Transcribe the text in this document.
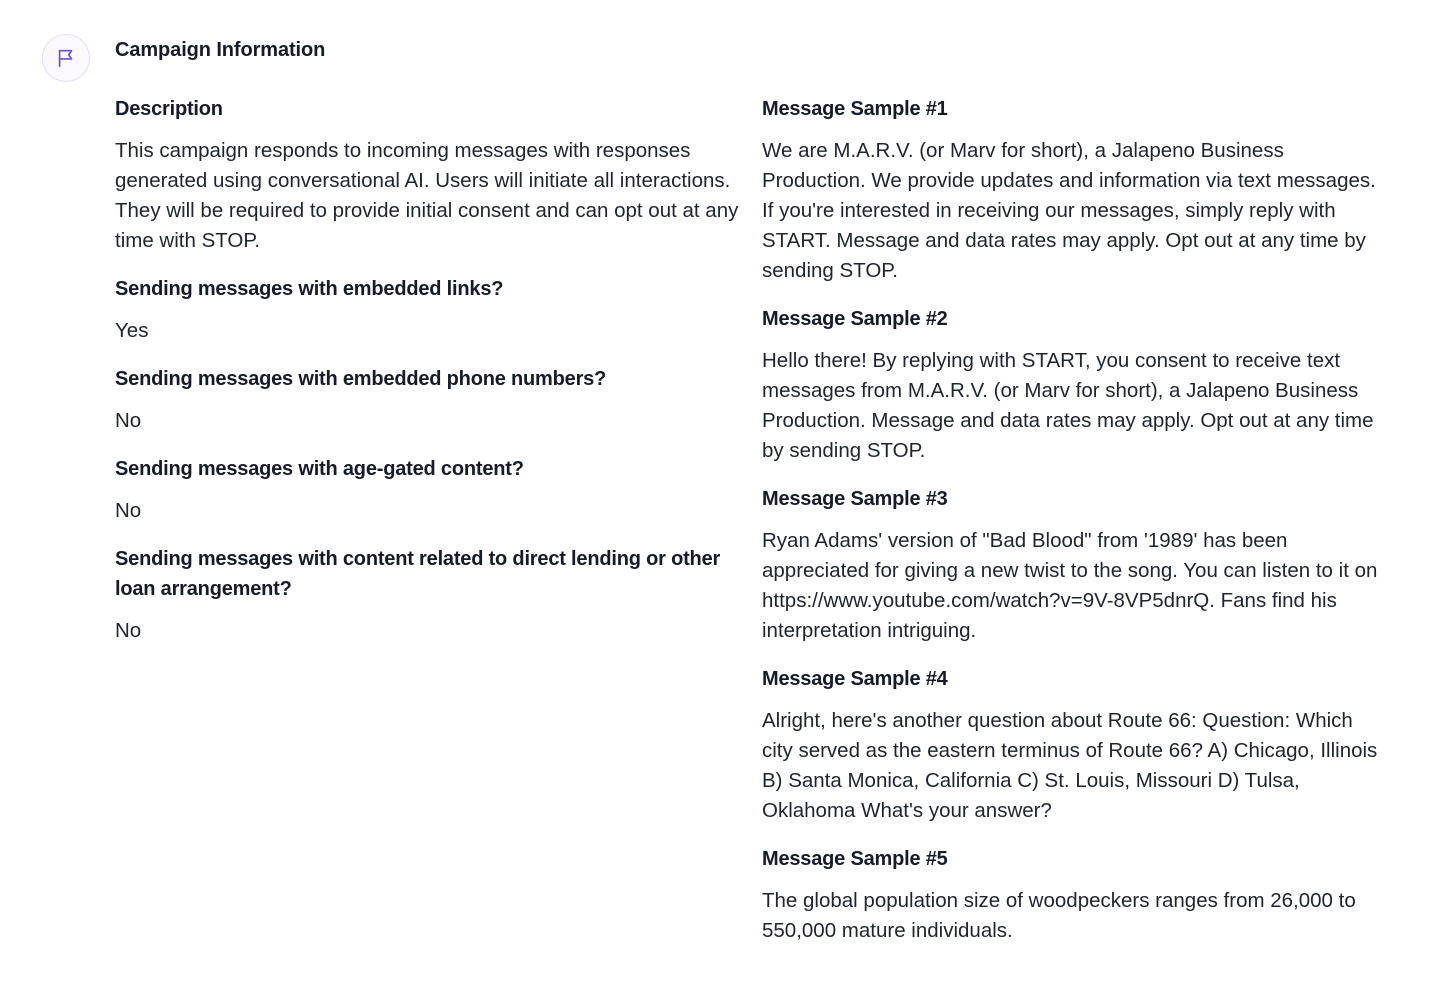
Campaign Information
Description

This campaign responds to incoming messages with responses generated using conversational AI. Users will initiate all interactions. They will be required to provide initial consent and can opt out at any time with STOP.

Sending messages with embedded links?

Yes

Sending messages with embedded phone numbers?

No

Sending messages with age-gated content?

No

Sending messages with content related to direct lending or other loan arrangement?

No

Message Sample #1

We are M.A.R.V. (or Marv for short), a Jalapeno Business Production. We provide updates and information via text messages. If you're interested in receiving our messages, simply reply with START. Message and data rates may apply. Opt out at any time by sending STOP.

Message Sample #2

Hello there! By replying with START, you consent to receive text messages from M.A.R.V. (or Marv for short), a Jalapeno Business Production. Message and data rates may apply. Opt out at any time by sending STOP.

Message Sample #3

Ryan Adams' version of "Bad Blood" from '1989' has been appreciated for giving a new twist to the song. You can listen to it on https://www.youtube.com/watch?v=9V-8VP5dnrQ. Fans find his interpretation intriguing.

Message Sample #4

Alright, here's another question about Route 66: Question: Which city served as the eastern terminus of Route 66? A) Chicago, Illinois B) Santa Monica, California C) St. Louis, Missouri D) Tulsa, Oklahoma What's your answer?

Message Sample #5

The global population size of woodpeckers ranges from 26,000 to 550,000 mature individuals.
